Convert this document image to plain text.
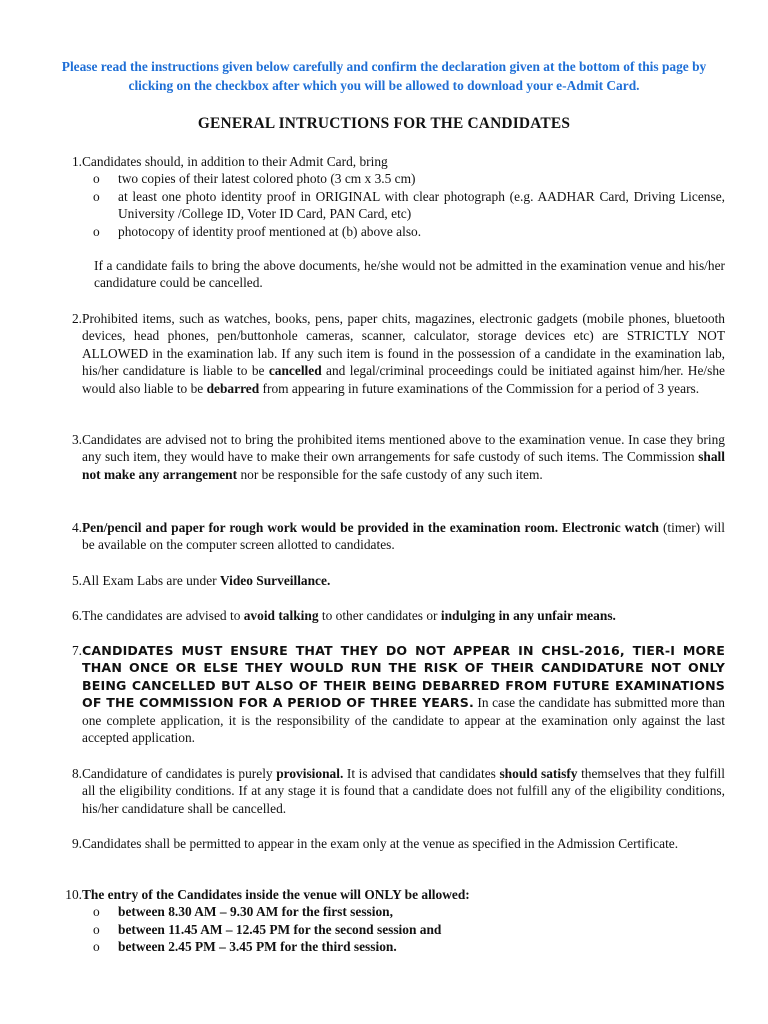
Please read the instructions given below carefully and confirm the declaration given at the bottom of this page by clicking on the checkbox after which you will be allowed to download your e-Admit Card.
GENERAL INTRUCTIONS FOR THE CANDIDATES
1. Candidates should, in addition to their Admit Card, bring
o two copies of their latest colored photo (3 cm x 3.5 cm)
o at least one photo identity proof in ORIGINAL with clear photograph (e.g. AADHAR Card, Driving License, University /College ID, Voter ID Card, PAN Card, etc)
o photocopy of identity proof mentioned at (b) above also.
If a candidate fails to bring the above documents, he/she would not be admitted in the examination venue and his/her candidature could be cancelled.
2. Prohibited items, such as watches, books, pens, paper chits, magazines, electronic gadgets (mobile phones, bluetooth devices, head phones, pen/buttonhole cameras, scanner, calculator, storage devices etc) are STRICTLY NOT ALLOWED in the examination lab. If any such item is found in the possession of a candidate in the examination lab, his/her candidature is liable to be cancelled and legal/criminal proceedings could be initiated against him/her. He/she would also liable to be debarred from appearing in future examinations of the Commission for a period of 3 years.
3. Candidates are advised not to bring the prohibited items mentioned above to the examination venue. In case they bring any such item, they would have to make their own arrangements for safe custody of such items. The Commission shall not make any arrangement nor be responsible for the safe custody of any such item.
4. Pen/pencil and paper for rough work would be provided in the examination room. Electronic watch (timer) will be available on the computer screen allotted to candidates.
5. All Exam Labs are under Video Surveillance.
6. The candidates are advised to avoid talking to other candidates or indulging in any unfair means.
7. CANDIDATES MUST ENSURE THAT THEY DO NOT APPEAR IN CHSL-2016, TIER-I MORE THAN ONCE OR ELSE THEY WOULD RUN THE RISK OF THEIR CANDIDATURE NOT ONLY BEING CANCELLED BUT ALSO OF THEIR BEING DEBARRED FROM FUTURE EXAMINATIONS OF THE COMMISSION FOR A PERIOD OF THREE YEARS. In case the candidate has submitted more than one complete application, it is the responsibility of the candidate to appear at the examination only against the last accepted application.
8. Candidature of candidates is purely provisional. It is advised that candidates should satisfy themselves that they fulfill all the eligibility conditions. If at any stage it is found that a candidate does not fulfill any of the eligibility conditions, his/her candidature shall be cancelled.
9. Candidates shall be permitted to appear in the exam only at the venue as specified in the Admission Certificate.
10. The entry of the Candidates inside the venue will ONLY be allowed:
o between 8.30 AM – 9.30 AM for the first session,
o between 11.45 AM – 12.45 PM for the second session and
o between 2.45 PM – 3.45 PM for the third session.
